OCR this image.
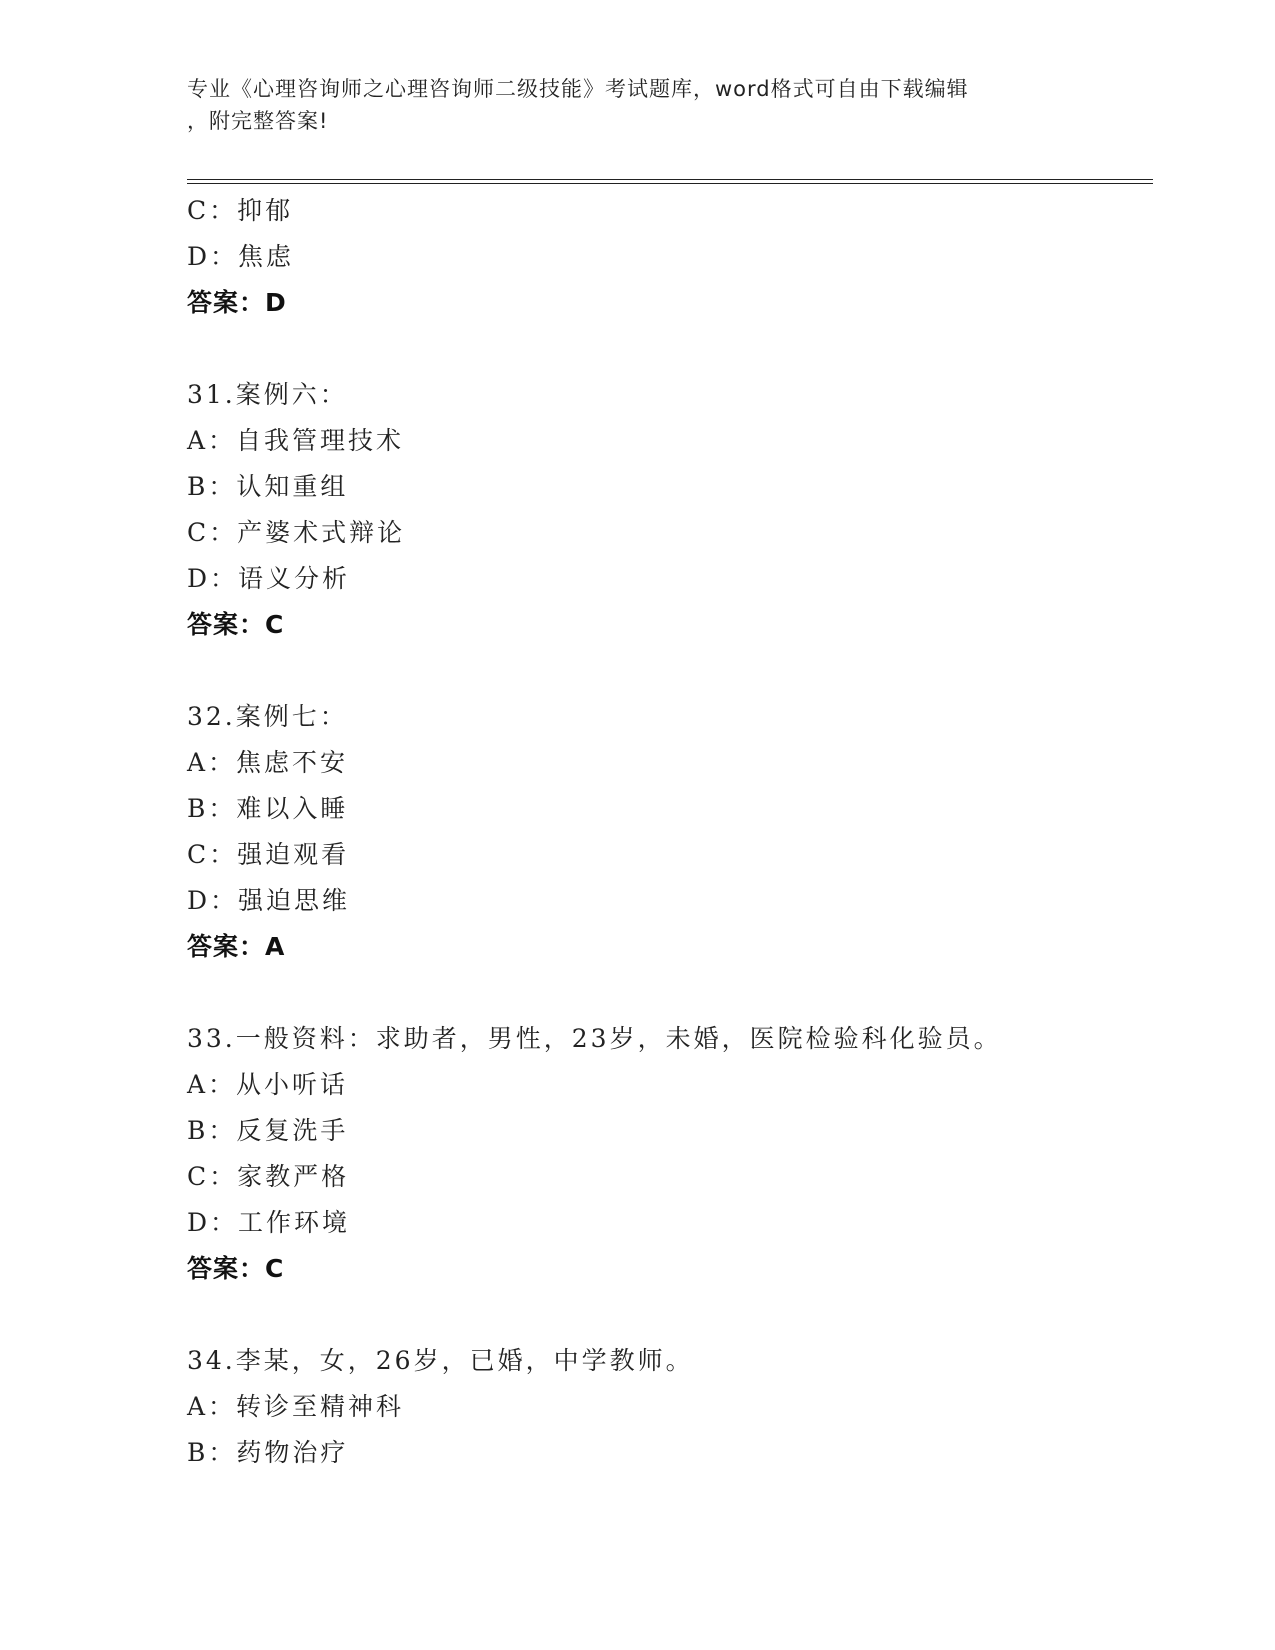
专业《心理咨询师之心理咨询师二级技能》考试题库，word格式可自由下载编辑
，附完整答案!
C：抑郁
D：焦虑
答案：D
31.案例六：
A：自我管理技术
B：认知重组
C：产婆术式辩论
D：语义分析
答案：C
32.案例七：
A：焦虑不安
B：难以入睡
C：强迫观看
D：强迫思维
答案：A
33.一般资料：求助者，男性，23岁，未婚，医院检验科化验员。
A：从小听话
B：反复洗手
C：家教严格
D：工作环境
答案：C
34.李某，女，26岁，已婚，中学教师。
A：转诊至精神科
B：药物治疗
